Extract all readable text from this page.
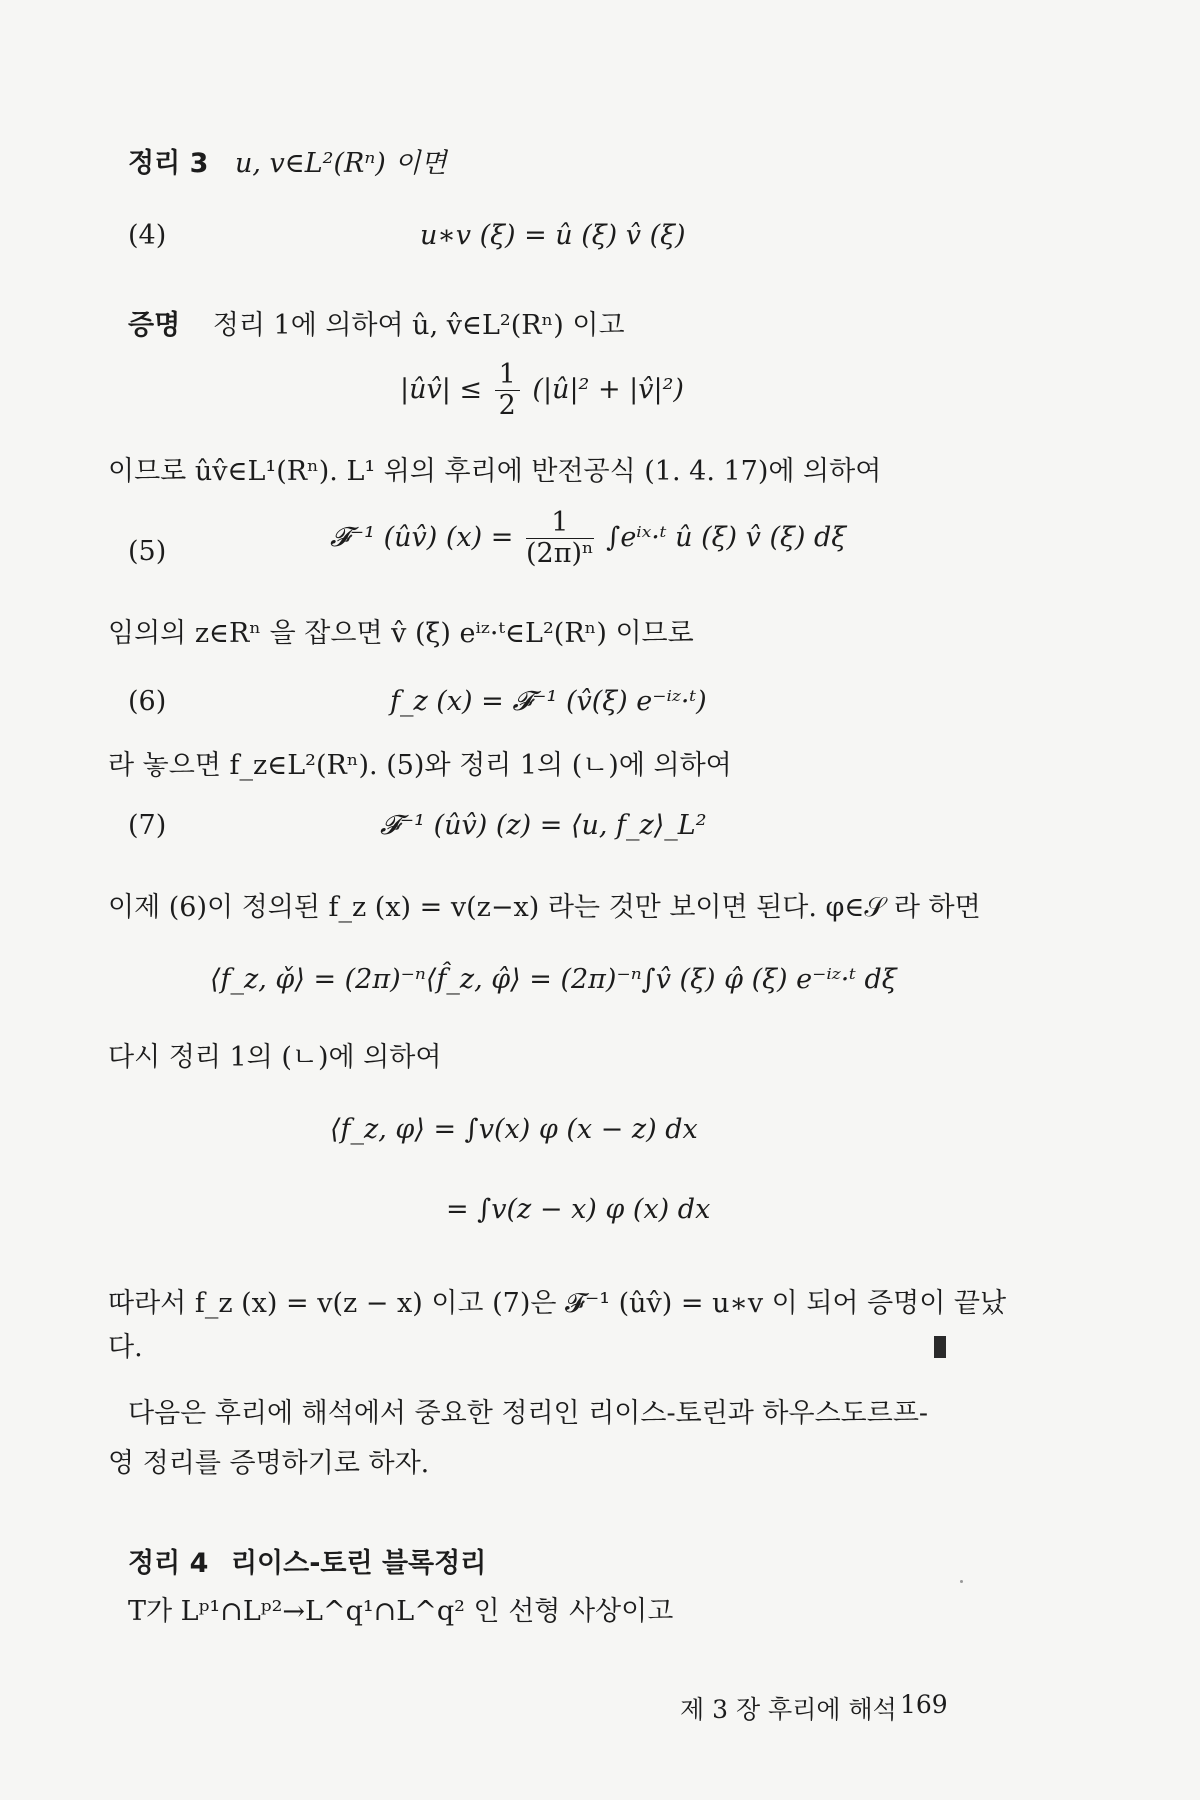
정리 3 u, v∈L²(Rⁿ) 이면
(4)	u∗v (ξ) = û (ξ) v̂ (ξ)
증명 정리 1에 의하여 û, v̂∈L²(Rⁿ) 이고
|ûv̂| ≤ $\frac{1}{2}$ (|û|² + |v̂|²)
이므로 ûv̂∈L¹(Rⁿ). L¹ 위의 후리에 반전공식 (1. 4. 17)에 의하여
(5)	𝓕⁻¹ (ûv̂) $(x) = \frac{1}{\text{(2π)ⁿ}}$ ∫eⁱˣ·ᵗ û (ξ) v̂ (ξ) dξ
임의의 z∈Rⁿ 을 잡으면 v̂ (ξ) eⁱᶻ·ᵗ∈L²(Rⁿ) 이므로
(6)	f_z (x) = 𝓕⁻¹ (v̂(ξ) e⁻ⁱᶻ·ᵗ)
라 놓으면 f_z∈L²(Rⁿ). (5)와 정리 1의 (ㄴ)에 의하여
(7)	𝓕⁻¹ (ûv̂) (z) = ⟨u, f_z⟩_L²
이제 (6)이 정의된 f_z (x) = v(z−x) 라는 것만 보이면 된다. φ∈𝒮 라 하면
⟨f_z, φ̌⟩ = (2π)⁻ⁿ⟨f̂_z, φ̂⟩ = (2π)⁻ⁿ∫v̂ (ξ) φ̂ (ξ) e⁻ⁱᶻ·ᵗ dξ
다시 정리 1의 (ㄴ)에 의하여
⟨f_z, φ⟩ = ∫v(x) φ (x − z) dx
= ∫v(z − x) φ (x) dx
따라서 f_z (x) = v(z − x) 이고 (7)은 𝓕⁻¹ (ûv̂) = u∗v 이 되어 증명이 끝났
다.
다음은 후리에 해석에서 중요한 정리인 리이스-토린과 하우스도르프-
영 정리를 증명하기로 하자.
정리 4 리이스-토린 블록정리
T가 Lᵖ¹∩Lᵖ²→L^q¹∩L^q² 인 선형 사상이고
제 3 장 후리에 해석 169
